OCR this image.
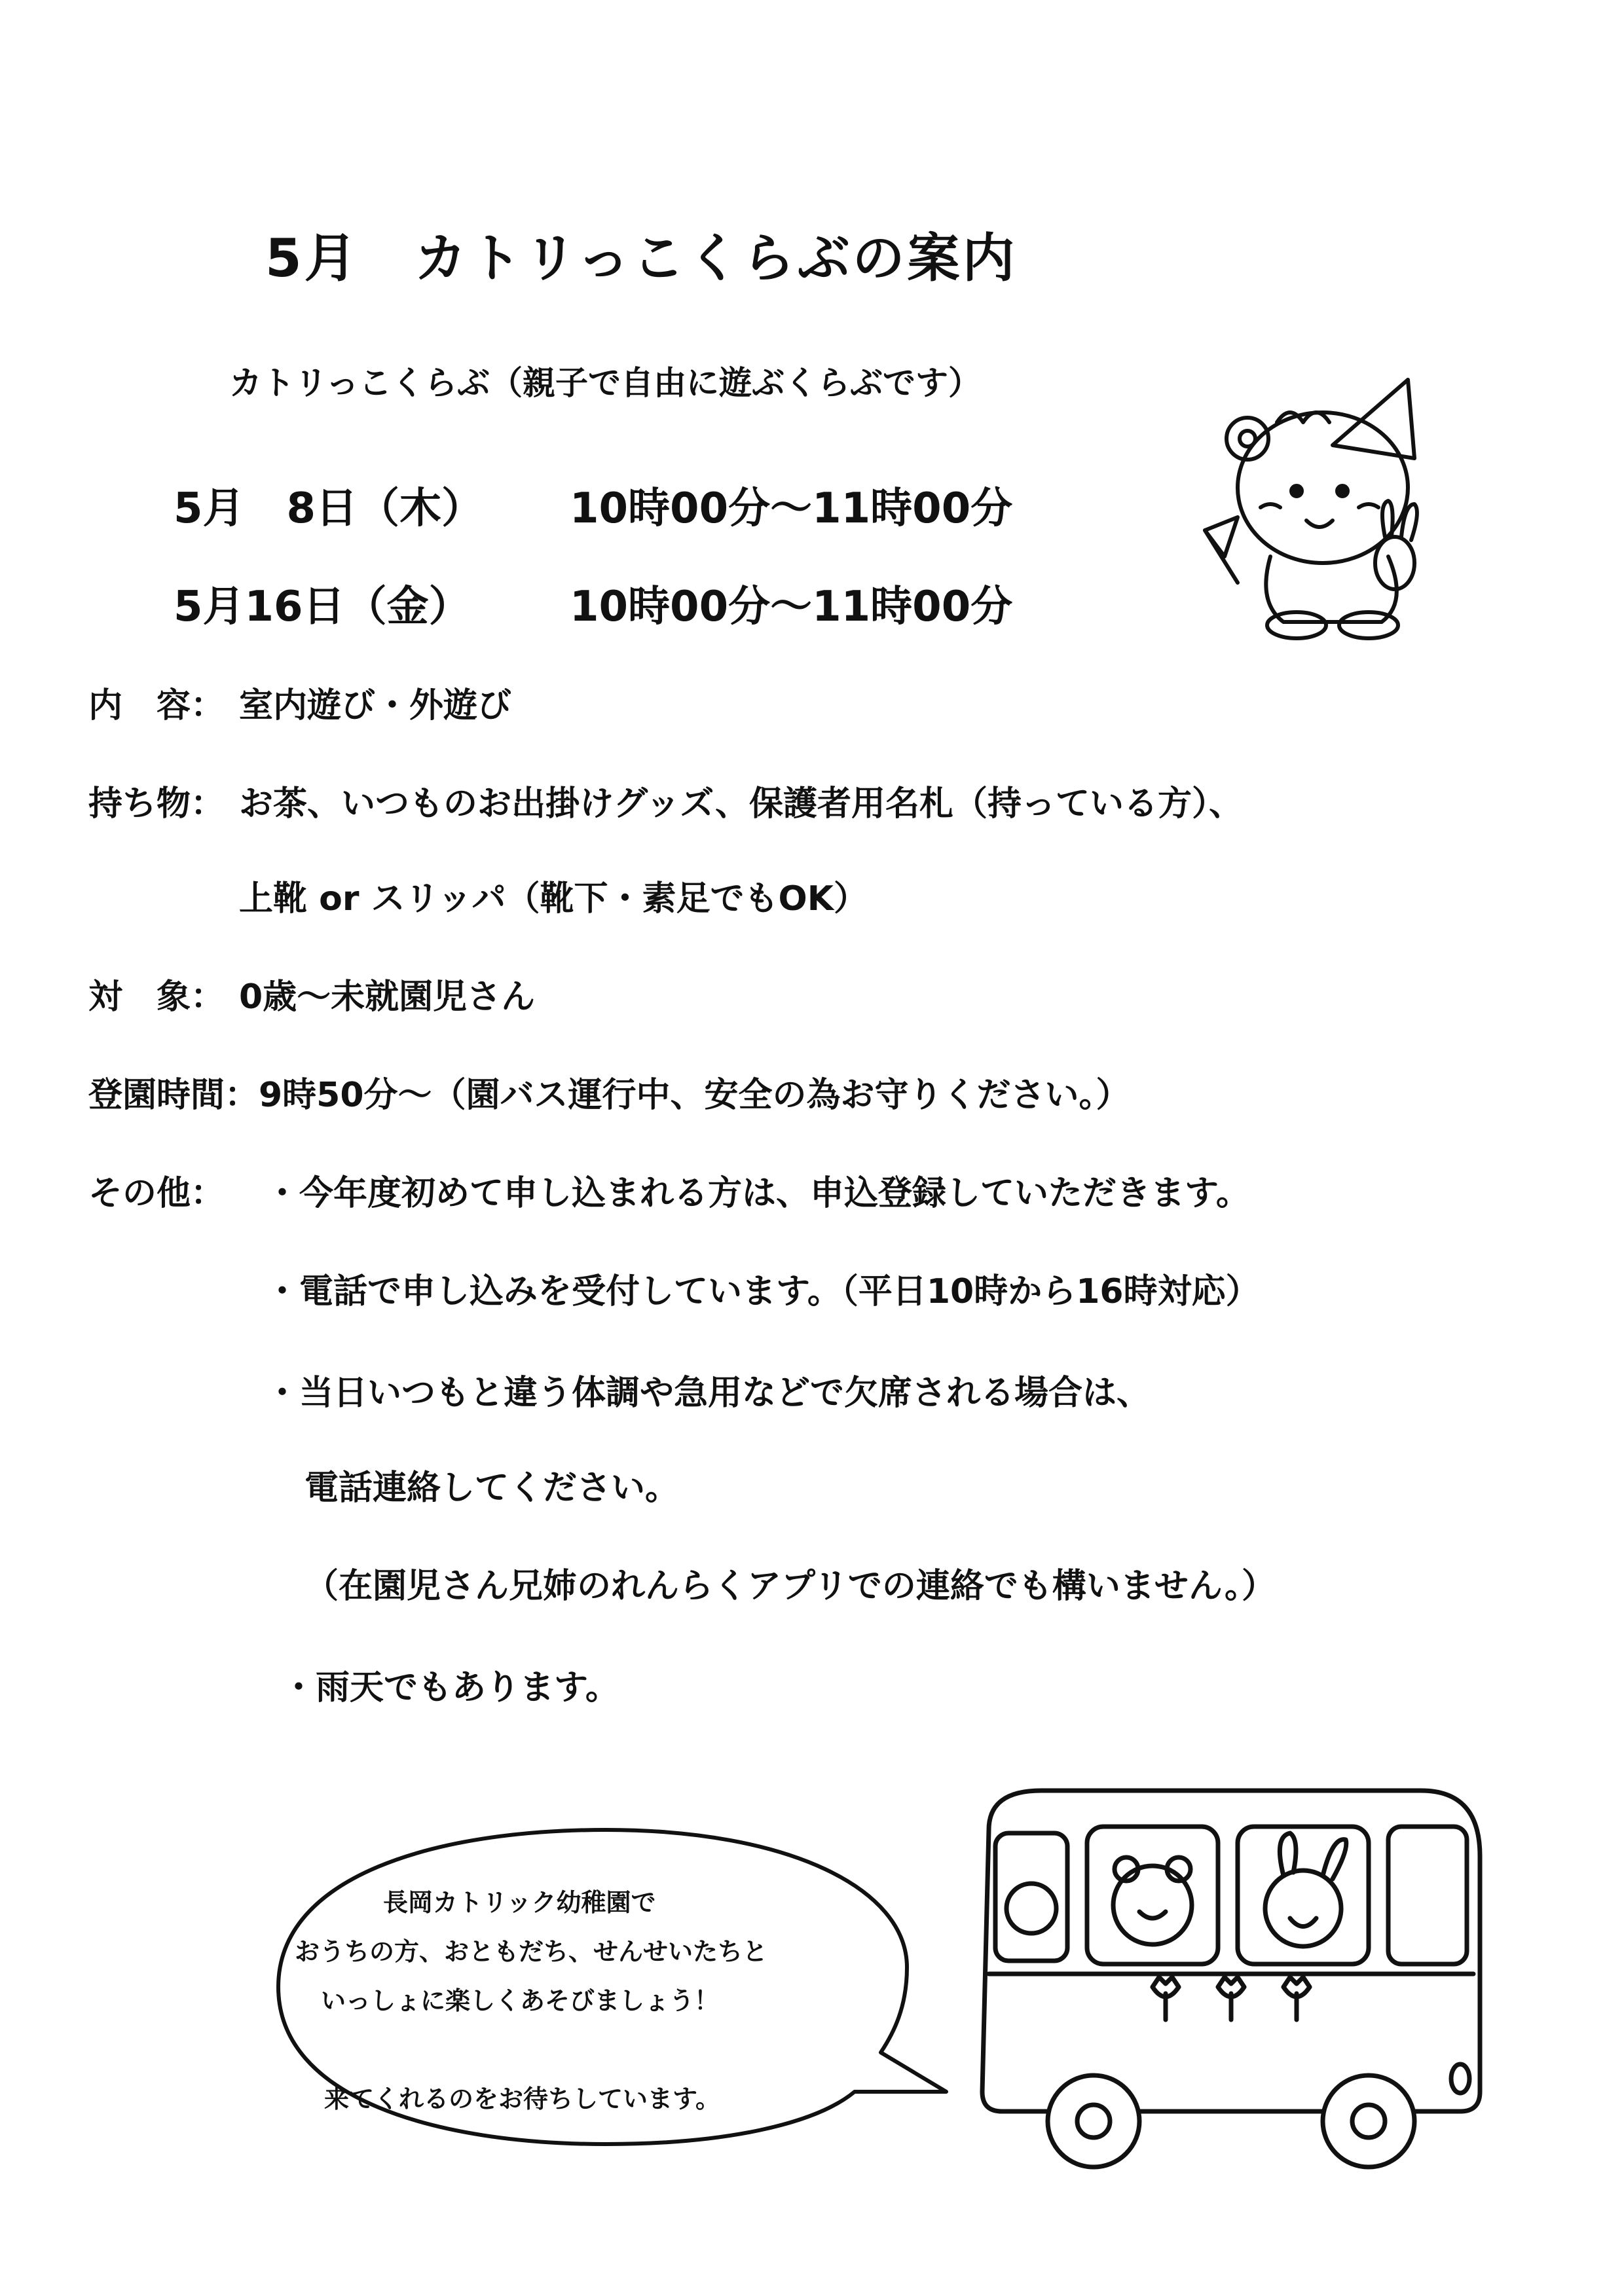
5月　カトリっこくらぶの案内
カトリっこくらぶ（親子で自由に遊ぶくらぶです）
5月　8日（木） 10時00分～11時00分
5月16日（金） 10時00分～11時00分
内　容： 室内遊び・外遊び
持ち物： お茶、いつものお出掛けグッズ、保護者用名札（持っている方）、
上靴 or スリッパ（靴下・素足でもOK）
対　象： 0歳～未就園児さん
登園時間： 9時50分～（園バス運行中、安全の為お守りください。）
その他： ・今年度初めて申し込まれる方は、申込登録していただきます。
・電話で申し込みを受付しています。（平日10時から16時対応）
・当日いつもと違う体調や急用などで欠席される場合は、
電話連絡してください。
（在園児さん兄姉のれんらくアプリでの連絡でも構いません。）
・雨天でもあります。
長岡カトリック幼稚園で
おうちの方、おともだち、せんせいたちと
いっしょに楽しくあそびましょう！
来てくれるのをお待ちしています。
